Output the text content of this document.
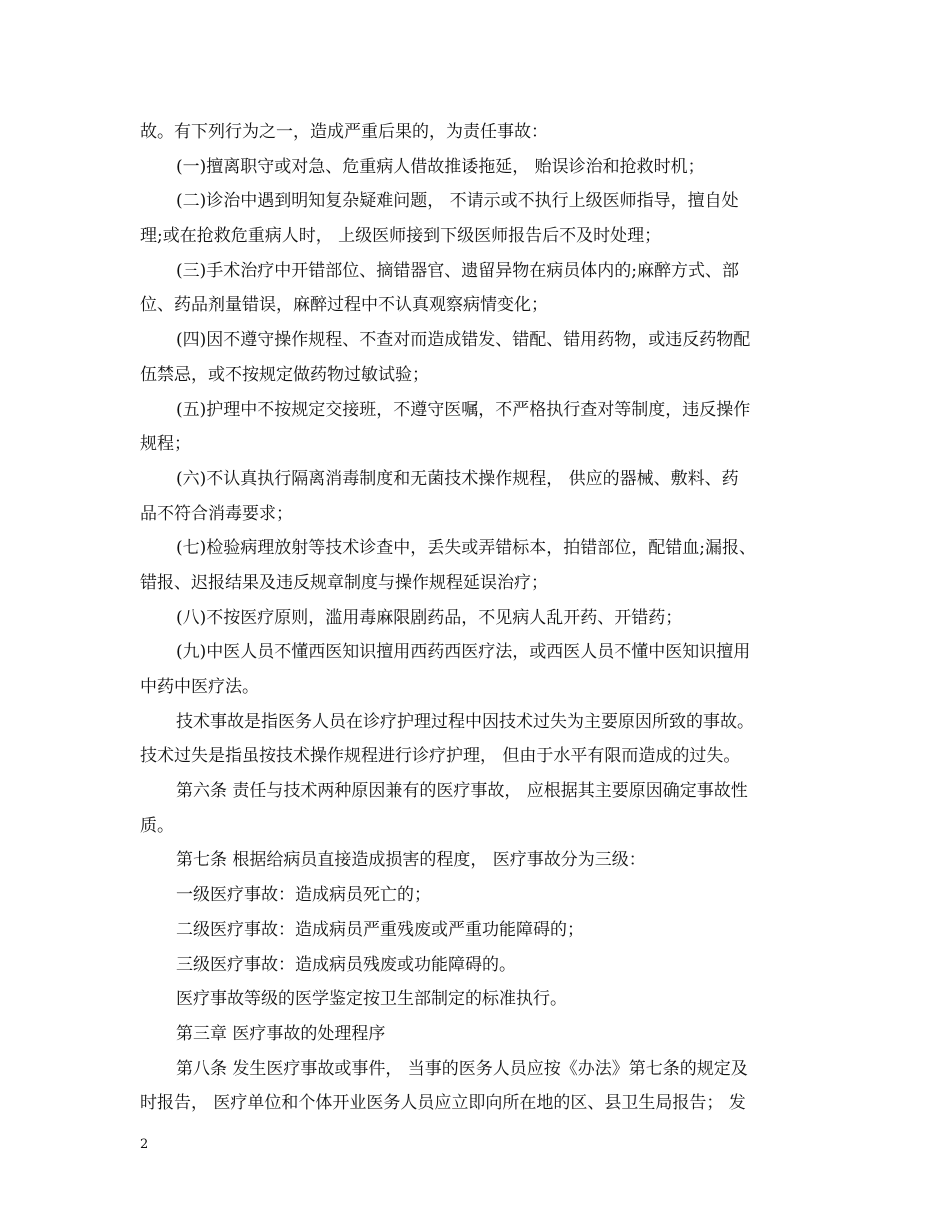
故。有下列行为之一，造成严重后果的，为责任事故：
(一)擅离职守或对急、危重病人借故推诿拖延， 贻误诊治和抢救时机；
(二)诊治中遇到明知复杂疑难问题， 不请示或不执行上级医师指导，擅自处
理;或在抢救危重病人时， 上级医师接到下级医师报告后不及时处理；
(三)手术治疗中开错部位、摘错器官、遗留异物在病员体内的;麻醉方式、部
位、药品剂量错误，麻醉过程中不认真观察病情变化；
(四)因不遵守操作规程、不查对而造成错发、错配、错用药物，或违反药物配
伍禁忌，或不按规定做药物过敏试验；
(五)护理中不按规定交接班，不遵守医嘱，不严格执行查对等制度，违反操作
规程；
(六)不认真执行隔离消毒制度和无菌技术操作规程， 供应的器械、敷料、药
品不符合消毒要求；
(七)检验病理放射等技术诊查中，丢失或弄错标本，拍错部位，配错血;漏报、
错报、迟报结果及违反规章制度与操作规程延误治疗；
(八)不按医疗原则，滥用毒麻限剧药品，不见病人乱开药、开错药；
(九)中医人员不懂西医知识擅用西药西医疗法，或西医人员不懂中医知识擅用
中药中医疗法。
技术事故是指医务人员在诊疗护理过程中因技术过失为主要原因所致的事故。
技术过失是指虽按技术操作规程进行诊疗护理， 但由于水平有限而造成的过失。
第六条 责任与技术两种原因兼有的医疗事故， 应根据其主要原因确定事故性
质。
第七条 根据给病员直接造成损害的程度， 医疗事故分为三级：
一级医疗事故：造成病员死亡的；
二级医疗事故：造成病员严重残废或严重功能障碍的；
三级医疗事故：造成病员残废或功能障碍的。
医疗事故等级的医学鉴定按卫生部制定的标准执行。
第三章 医疗事故的处理程序
第八条 发生医疗事故或事件， 当事的医务人员应按《办法》第七条的规定及
时报告， 医疗单位和个体开业医务人员应立即向所在地的区、县卫生局报告； 发
2
